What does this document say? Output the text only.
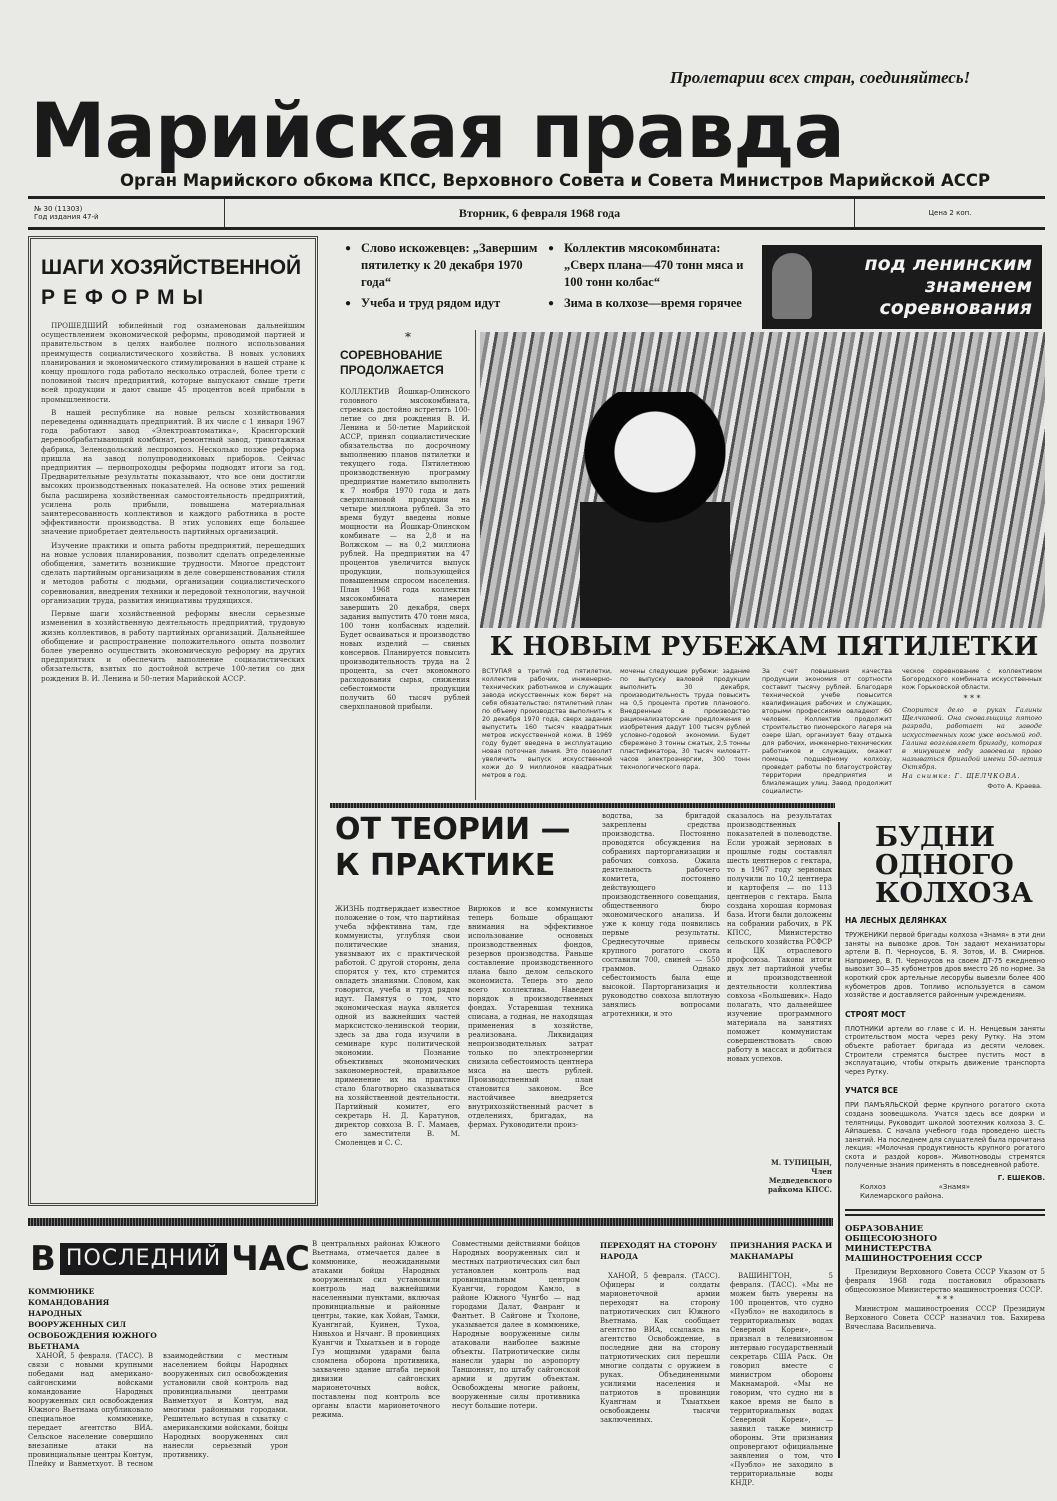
Пролетарии всех стран, соединяйтесь!
Марийская правда
Орган Марийского обкома КПСС, Верховного Совета и Совета Министров Марийской АССР
№ 30 (11303)
Год издания 47-й	Вторник, 6 февраля 1968 года	Цена 2 коп.
ШАГИ ХОЗЯЙСТВЕННОЙ
РЕФОРМЫ

ПРОШЕДШИЙ юбилейный год ознаменован дальнейшим осуществлением экономической реформы, проводимой партией и правительством в целях наиболее полного использования преимуществ социалистического хозяйства. В новых условиях планирования и экономического стимулирования в нашей стране к концу прошлого года работало несколько отраслей, более трети с половиной тысяч предприятий, которые выпускают свыше трети всей продукции и дают свыше 45 процентов всей прибыли в промышленности.

В нашей республике на новые рельсы хозяйствования переведены одиннадцать предприятий. В их числе с 1 января 1967 года работают завод «Электроавтоматика», Краснгорский деревообрабатывающий комбинат, ремонтный завод, трикотажная фабрика, Зеленодольский леспромхоз. Несколько позже реформа пришла на завод полупроводниковых приборов. Сейчас предприятия — первопроходцы реформы подводят итоги за год. Предварительные результаты показывают, что все они достигли высоких производственных показателей. На основе этих решений была расширена хозяйственная самостоятельность предприятий, усилена роль прибыли, повышена материальная заинтересованность коллективов и каждого работника в росте эффективности производства. В этих условиях еще большее значение приобретает деятельность партийных организаций.

Изучение практики и опыта работы предприятий, перешедших на новые условия планирования, позволит сделать определенные обобщения, заметить возникшие трудности. Многое предстоит сделать партийным организациям в деле совершенствования стиля и методов работы с людьми, организации социалистического соревнования, внедрения техники и передовой технологии, научной организации труда, развития инициативы трудящихся.

Первые шаги хозяйственной реформы внесли серьезные изменения в хозяйственную деятельность предприятий, трудовую жизнь коллективов, в работу партийных организаций. Дальнейшее обобщение и распространение положительного опыта позволит более уверенно осуществить экономическую реформу на других предприятиях и обеспечить выполнение социалистических обязательств, взятых по достойной встрече 100-летия со дня рождения В. И. Ленина и 50-летия Марийской АССР.

● Слово искожевцев: „Завершим пятилетку к 20 декабря 1970 года“
● Учеба и труд рядом идут
● Коллектив мясокомбината: „Сверх плана—470 тонн мяса и 100 тонн колбас“
● Зима в колхозе—время горячее
под ленинским
знаменем
соревнования
*
СОРЕВНОВАНИЕ ПРОДОЛЖАЕТСЯ
КОЛЛЕКТИВ Йошкар-Олинского головного мясокомбината, стремясь достойно встретить 100-летие со дня рождения В. И. Ленина и 50-летие Марийской АССР, принял социалистические обязательства по досрочному выполнению планов пятилетки и текущего года. Пятилетнюю производственную программу предприятие наметило выполнить к 7 ноября 1970 года и дать сверхплановой продукции на четыре миллиона рублей. За это время будут введены новые мощности на Йошкар-Олинском комбинате — на 2,8 и на Волжском — на 0,2 миллиона рублей. На предприятии на 47 процентов увеличится выпуск продукции, пользующейся повышенным спросом населения. План 1968 года коллектив мясокомбината намерен завершить 20 декабря, сверх задания выпустить 470 тонн мяса, 100 тонн колбасных изделий. Будет осваиваться и производство новых изделий — свиных консервов. Планируется повысить производительность труда на 2 процента, за счет экономного расходования сырья, снижения себестоимости продукции получить 60 тысяч рублей сверхплановой прибыли.
К НОВЫМ РУБЕЖАМ ПЯТИЛЕТКИ
ВСТУПАЯ в третий год пятилетки, коллектив рабочих, инженерно-технических работников и служащих завода искусственных кож берет на себя обязательство: пятилетний план по объему производства выполнить к 20 декабря 1970 года, сверх задания выпустить 160 тысяч квадратных метров искусственной кожи. В 1969 году будет введена в эксплуатацию новая поточная линия. Это позволит увеличить выпуск искусственной кожи до 9 миллионов квадратных метров в год.
мочены следующие рубежи: задание по выпуску валовой продукции выполнить 30 декабря, производительность труда повысить на 0,5 процента против планового. Внедренные в производство рационализаторские предложения и изобретения дадут 100 тысяч рублей условно-годовой экономии. Будет сбережено 3 тонны сжатых, 2,5 тонны пластификатора, 30 тысяч киловатт-часов электроэнергии, 300 тонн технологического пара.
За счет повышения качества продукции экономия от сортности составит тысячу рублей. Благодаря технической учебе повысится квалификация рабочих и служащих, вторыми профессиями овладеют 60 человек. Коллектив продолжит строительство пионерского лагеря на озере Шап, организует базу отдыха для рабочих, инженерно-технических работников и служащих, окажет помощь подшефному колхозу, проведет работы по благоустройству территории предприятия и близлежащих улиц. Завод продолжит социалисти-
ческое соревнование с коллективом Богородского комбината искусственных кож Горьковской области.
* * *
Спорится дело в руках Галины Щелчковой. Она сновальщица пятого разряда, работает на заводе искусственных кож уже восьмой год. Галина возглавляет бригаду, которая в минувшем году завоевала право называться бригадой имени 50-летия Октября.
На снимке: Г. ЩЕЛЧКОВА.
Фото А. Краева.
ОТ ТЕОРИИ —
К ПРАКТИКЕ
ЖИЗНЬ подтверждает известное положение о том, что партийная учеба эффективна там, где коммунисты, углубляя свои политические знания, увязывают их с практической работой. С другой стороны, дела спорятся у тех, кто стремится овладеть знаниями. Словом, как говорится, учеба и труд рядом идут. Памятуя о том, что экономическая наука является одной из важнейших частей марксистско-ленинской теории, здесь за два года изучили в семинаре курс политической экономии. Познание объективных экономических закономерностей, правильное применение их на практике стало благотворно сказываться на хозяйственной деятельности. Партийный комитет, его секретарь Н. Д. Каратунов, директор совхоза В. Г. Мамаев, его заместители В. М. Смоленцев и С. С.
Вирюков и все коммунисты теперь больше обращают внимания на эффективное использование основных производственных фондов, резервов производства. Раньше составление производственного плана было делом сельского экономиста. Теперь это дело всего коллектива. Наведен порядок в производственных фондах. Устаревшая техника списана, а годная, не находящая применения в хозяйстве, реализована. Ликвидация непроизводительных затрат только по электроэнергии снизила себестоимость центнера мяса на шесть рублей. Производственный план становится законом. Все настойчивее внедряется внутрихозяйственный расчет в отделениях, бригадах, на фермах. Руководители произ-
водства, за бригадой закреплены средства производства. Постоянно проводятся обсуждения на собраниях парторганизации и рабочих совхоза. Ожила деятельность рабочего комитета, постоянно действующего производственного совещания, общественного бюро экономического анализа. И уже к концу года появились первые результаты. Среднесуточные привесы крупного рогатого скота составили 700, свиней — 550 граммов. Однако себестоимость была еще высокой. Парторганизация и руководство совхоза вплотную занялись вопросами агротехники, и это
сказалось на результатах производственных показателей в полеводстве. Если урожай зерновых в прошлые годы составлял шесть центнеров с гектара, то в 1967 году зерновых получили по 10,2 центнера и картофеля — по 113 центнеров с гектара. Была создана хорошая кормовая база. Итоги были доложены на собрании рабочих, в РК КПСС, Министерство сельского хозяйства РСФСР и ЦК отраслевого профсоюза. Таковы итоги двух лет партийной учебы и производственной деятельности коллектива совхоза «Большевик». Надо полагать, что дальнейшее изучение программного материала на занятиях поможет коммунистам совершенствовать свою работу в массах и добиться новых успехов.
М. ТУПИЦЫН,
Член Медведевского райкома КПСС.
БУДНИ
ОДНОГО
КОЛХОЗА
НА ЛЕСНЫХ ДЕЛЯНКАХ
ТРУЖЕНИКИ первой бригады колхоза «Знамя» в эти дни заняты на вывозке дров. Тон задают механизаторы артели В. П. Черноусов, Б. Я. Зотов, И. В. Смирнов. Например, В. П. Черноусов на своем ДТ-75 ежедневно вывозит 30—35 кубометров дров вместо 26 по норме. За короткий срок артельные лесорубы вывезли более 400 кубометров дров. Топливо используется в самом хозяйстве и доставляется районным учреждениям.
СТРОЯТ МОСТ
ПЛОТНИКИ артели во главе с И. Н. Ненцевым заняты строительством моста через реку Рутку. На этом объекте работает бригада из десяти человек. Строители стремятся быстрее пустить мост в эксплуатацию, чтобы открыть движение транспорта через Рутку.
УЧАТСЯ ВСЕ
ПРИ ПАМЪЯЛЬСКОЙ ферме крупного рогатого скота создана зоовецшкола. Учатся здесь все доярки и телятницы. Руководит школой зоотехник колхоза З. С. Айпашева. С начала учебного года проведено шесть занятий. На последнем для слушателей была прочитана лекция: «Молочная продуктивность крупного рогатого скота и раздой коров». Животноводы стремятся полученные знания применять в повседневной работе.
Г. ЕШЕКОВ.
Колхоз «Знамя» Килемарского района.
ОБРАЗОВАНИЕ ОБЩЕСОЮЗНОГО МИНИСТЕРСТВА МАШИНОСТРОЕНИЯ СССР
Президиум Верховного Совета СССР Указом от 5 февраля 1968 года постановил образовать общесоюзное Министерство машиностроения СССР.
* * *
Министром машиностроения СССР Президиум Верховного Совета СССР назначил тов. Бахирева Вячеслава Васильевича.
В ПОСЛЕДНИЙ ЧАС
КОММЮНИКЕ КОМАНДОВАНИЯ НАРОДНЫХ ВООРУЖЕННЫХ СИЛ ОСВОБОЖДЕНИЯ ЮЖНОГО ВЬЕТНАМА
ХАНОЙ, 5 февраля. (ТАСС). В связи с новыми крупными победами над американо-сайгонскими войсками командование Народных вооруженных сил освобождения Южного Вьетнама опубликовало специальное коммюнике, передает агентство ВИА. Сельское население совершило внезапные атаки на провинциальные центры Контум, Плейку и Ванметхуот. В тесном взаимодействии с местным населением бойцы Народных вооруженных сил освобождения установили свой контроль над провинциальными центрами Ванметхуот и Контум, над многими районными городами. Решительно вступая в схватку с американскими войсками, бойцы Народных вооруженных сил нанесли серьезный урон противнику.
В центральных районах Южного Вьетнама, отмечается далее в коммюнике, неожиданными атаками бойцы Народных вооруженных сил установили контроль над важнейшими населенными пунктами, включая провинциальные и районные центры, такие, как Хойан, Тамки, Куангнгай, Куинен, Тухоа, Ниньхоа и Нячанг. В провинциях Куангчи и Тхыатхьен и в городе Гуэ мощными ударами была сломлена оборона противника, захвачено здание штаба первой дивизии сайгонских марионеточных войск, поставлены под контроль все органы власти марионеточного режима.
Совместными действиями бойцов Народных вооруженных сил и местных патриотических сил был установлен контроль над провинциальным центром Куангчи, городом Камло, в районе Южного Чунгбо — над городами Далат, Фанранг и Фантьет. В Сайгоне и Тхолоне, указывается далее в коммюнике, Народные вооруженные силы атаковали наиболее важные объекты. Патриотические силы нанесли удары по аэропорту Таншоннят, по штабу сайгонской армии и другим объектам. Освобождены многие районы, вооруженные силы противника несут большие потери.
ПЕРЕХОДЯТ НА СТОРОНУ НАРОДА
ХАНОЙ, 5 февраля. (ТАСС). Офицеры и солдаты марионеточной армии переходят на сторону патриотических сил Южного Вьетнама. Как сообщает агентство ВИА, ссылаясь на агентство Освобождение, в последние дни на сторону патриотических сил перешли многие солдаты с оружием в руках. Объединенными усилиями населения и патриотов в провинции Куангнам и Тхыатхьен освобождены тысячи заключенных.
ПРИЗНАНИЯ РАСКА И МАКНАМАРЫ
ВАШИНГТОН, 5 февраля. (ТАСС). «Мы не можем быть уверены на 100 процентов, что судно «Пуэбло» не находилось в территориальных водах Северной Кореи», — признал в телевизионном интервью государственный секретарь США Раск. Он говорил вместе с министром обороны Макнамарой. «Мы не говорим, что судно ни в какое время не было в территориальных водах Северной Кореи», — заявил также министр обороны. Эти признания опровергают официальные заявления о том, что «Пуэбло» не заходило в территориальные воды КНДР.
